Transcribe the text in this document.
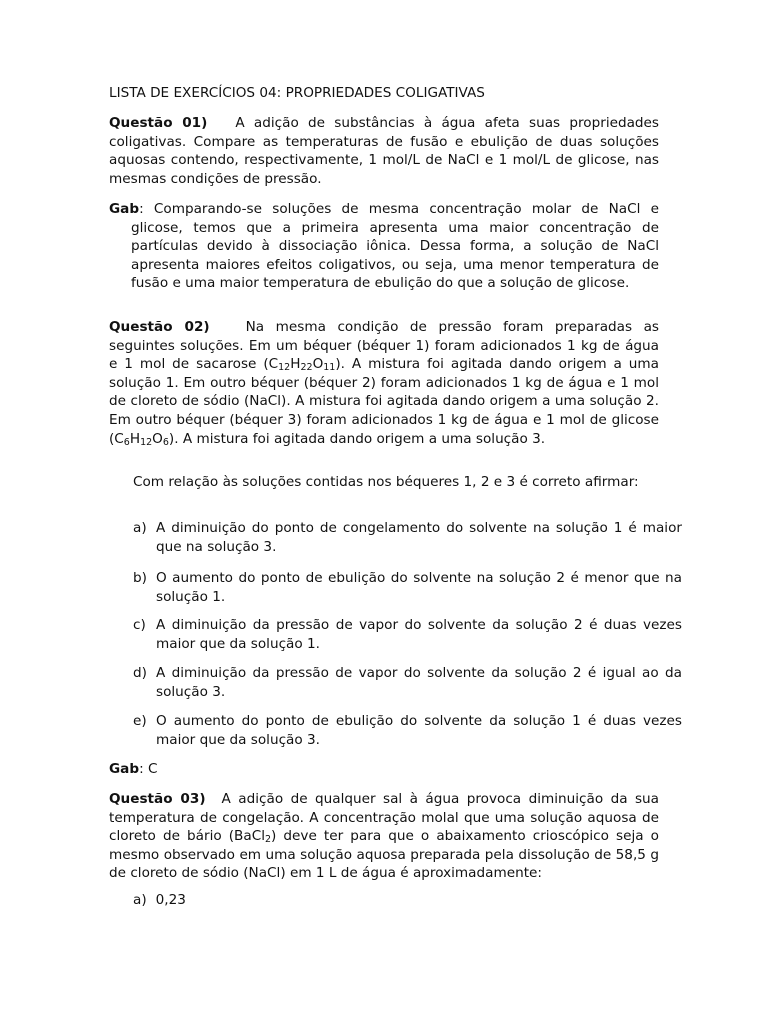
LISTA DE EXERCÍCIOS 04: PROPRIEDADES COLIGATIVAS

Questão 01) A adição de substâncias à água afeta suas propriedades coligativas. Compare as temperaturas de fusão e ebulição de duas soluções aquosas contendo, respectivamente, 1 mol/L de NaCl e 1 mol/L de glicose, nas mesmas condições de pressão.

Gab: Comparando-se soluções de mesma concentração molar de NaCl e glicose, temos que a primeira apresenta uma maior concentração de partículas devido à dissociação iônica. Dessa forma, a solução de NaCl apresenta maiores efeitos coligativos, ou seja, uma menor temperatura de fusão e uma maior temperatura de ebulição do que a solução de glicose.

Questão 02)	Na mesma condição de pressão foram preparadas as seguintes soluções. Em um béquer (béquer 1) foram adicionados 1 kg de água e 1 mol de sacarose $(C_{12}H_{22}O_{11})$. A mistura foi agitada dando origem a uma solução 1. Em outro béquer (béquer 2) foram adicionados 1 kg de água e 1 mol de cloreto de sódio (NaCl). A mistura foi agitada dando origem a uma solução 2. Em outro béquer (béquer 3) foram adicionados 1 kg de água e 1 mol de glicose $(C_6H_{12}O_6)$. A mistura foi agitada dando origem a uma solução 3.

Com relação às soluções contidas nos béqueres 1, 2 e 3 é correto afirmar:
a) A diminuição do ponto de congelamento do solvente na solução 1 é maior que na solução 3.
b) O aumento do ponto de ebulição do solvente na solução 2 é menor que na solução 1.
c) A diminuição da pressão de vapor do solvente da solução 2 é duas vezes maior que da solução 1.
d) A diminuição da pressão de vapor do solvente da solução 2 é igual ao da solução 3.
e) O aumento do ponto de ebulição do solvente da solução 1 é duas vezes maior que da solução 3.

Gab: C

Questão 03) A adição de qualquer sal à água provoca diminuição da sua temperatura de congelação. A concentração molal que uma solução aquosa de cloreto de bário (BaCl$_2$) deve ter para que o abaixamento crioscópico seja o mesmo observado em uma solução aquosa preparada pela dissolução de 58,5 g de cloreto de sódio (NaCl) em 1 L de água é aproximadamente:

a) 0,23
